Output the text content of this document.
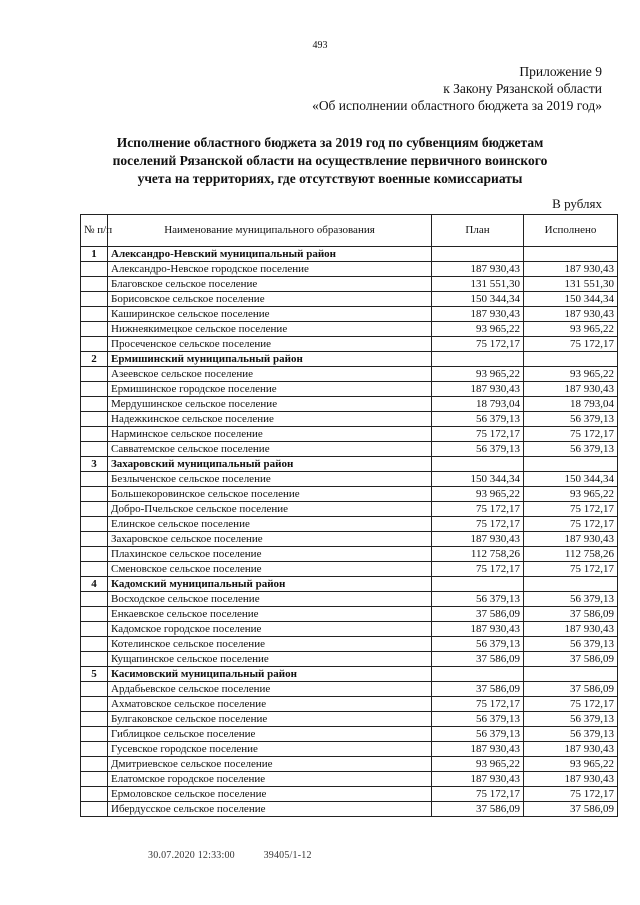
493
Приложение 9
к Закону Рязанской области
«Об исполнении областного бюджета за 2019 год»
Исполнение областного бюджета за 2019 год по субвенциям бюджетам
поселений Рязанской области на осуществление первичного воинского
учета на территориях, где отсутствуют военные комиссариаты
В рублях
№ п/п	Наименование муниципального образования	План	Исполнено
1	Александро-Невский муниципальный район		
	Александро-Невское городское поселение	187 930,43	187 930,43
	Благовское сельское поселение	131 551,30	131 551,30
	Борисовское сельское поселение	150 344,34	150 344,34
	Каширинское сельское поселение	187 930,43	187 930,43
	Нижнеякимецкое сельское поселение	93 965,22	93 965,22
	Просеченское сельское поселение	75 172,17	75 172,17
2	Ермишинский муниципальный район		
	Азеевское сельское поселение	93 965,22	93 965,22
	Ермишинское городское поселение	187 930,43	187 930,43
	Мердушинское сельское поселение	18 793,04	18 793,04
	Надежкинское сельское поселение	56 379,13	56 379,13
	Нарминское сельское поселение	75 172,17	75 172,17
	Савватемское сельское поселение	56 379,13	56 379,13
3	Захаровский муниципальный район		
	Безлыченское сельское поселение	150 344,34	150 344,34
	Большекоровинское сельское поселение	93 965,22	93 965,22
	Добро-Пчельское сельское поселение	75 172,17	75 172,17
	Елинское сельское поселение	75 172,17	75 172,17
	Захаровское сельское поселение	187 930,43	187 930,43
	Плахинское сельское поселение	112 758,26	112 758,26
	Сменовское сельское поселение	75 172,17	75 172,17
4	Кадомский муниципальный район		
	Восходское сельское поселение	56 379,13	56 379,13
	Енкаевское сельское поселение	37 586,09	37 586,09
	Кадомское городское поселение	187 930,43	187 930,43
	Котелинское сельское поселение	56 379,13	56 379,13
	Кущапинское сельское поселение	37 586,09	37 586,09
5	Касимовский муниципальный район		
	Ардабьевское сельское поселение	37 586,09	37 586,09
	Ахматовское сельское поселение	75 172,17	75 172,17
	Булгаковское сельское поселение	56 379,13	56 379,13
	Гиблицкое сельское поселение	56 379,13	56 379,13
	Гусевское городское поселение	187 930,43	187 930,43
	Дмитриевское сельское поселение	93 965,22	93 965,22
	Елатомское городское поселение	187 930,43	187 930,43
	Ермоловское сельское поселение	75 172,17	75 172,17
	Ибердусское сельское поселение	37 586,09	37 586,09
30.07.2020 12:33:00	39405/1-12
